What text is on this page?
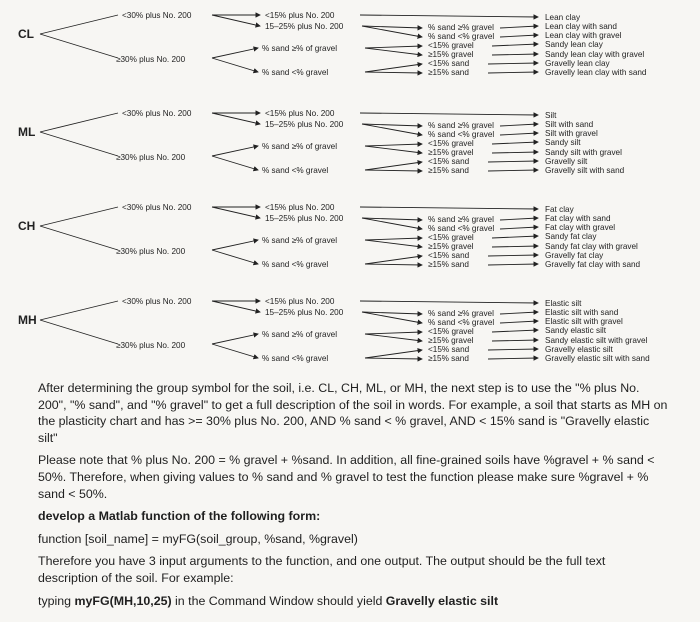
CL
<30% plus No. 200
≥30% plus No. 200
<15% plus No. 200
15–25% plus No. 200
% sand ≥% of gravel
% sand <% gravel
% sand ≥% gravel
% sand <% gravel
<15% gravel
≥15% gravel
<15% sand
≥15% sand
Lean clay
Lean clay with sand
Lean clay with gravel
Sandy lean clay
Sandy lean clay with gravel
Gravelly lean clay
Gravelly lean clay with sand
ML
<30% plus No. 200
≥30% plus No. 200
<15% plus No. 200
15–25% plus No. 200
% sand ≥% of gravel
% sand <% gravel
% sand ≥% gravel
% sand <% gravel
<15% gravel
≥15% gravel
<15% sand
≥15% sand
Silt
Silt with sand
Silt with gravel
Sandy silt
Sandy silt with gravel
Gravelly silt
Gravelly silt with sand
CH
<30% plus No. 200
≥30% plus No. 200
<15% plus No. 200
15–25% plus No. 200
% sand ≥% of gravel
% sand <% gravel
% sand ≥% gravel
% sand <% gravel
<15% gravel
≥15% gravel
<15% sand
≥15% sand
Fat clay
Fat clay with sand
Fat clay with gravel
Sandy fat clay
Sandy fat clay with gravel
Gravelly fat clay
Gravelly fat clay with sand
MH
<30% plus No. 200
≥30% plus No. 200
<15% plus No. 200
15–25% plus No. 200
% sand ≥% of gravel
% sand <% gravel
% sand ≥% gravel
% sand <% gravel
<15% gravel
≥15% gravel
<15% sand
≥15% sand
Elastic silt
Elastic silt with sand
Elastic silt with gravel
Sandy elastic silt
Sandy elastic silt with gravel
Gravelly elastic silt
Gravelly elastic silt with sand

After determining the group symbol for the soil, i.e. CL, CH, ML, or MH, the next step is to use the "% plus No. 200", "% sand", and "% gravel" to get a full description of the soil in words. For example, a soil that starts as MH on the plasticity chart and has >= 30% plus No. 200, AND % sand < % gravel, AND < 15% sand is "Gravelly elastic silt"

Please note that % plus No. 200 = % gravel + %sand. In addition, all fine-grained soils have %gravel + % sand < 50%. Therefore, when giving values to % sand and % gravel to test the function please make sure %gravel + % sand < 50%.

develop a Matlab function of the following form:

function [soil_name] = myFG(soil_group, %sand, %gravel)

Therefore you have 3 input arguments to the function, and one output. The output should be the full text description of the soil. For example:

typing myFG(MH,10,25) in the Command Window should yield Gravelly elastic silt
